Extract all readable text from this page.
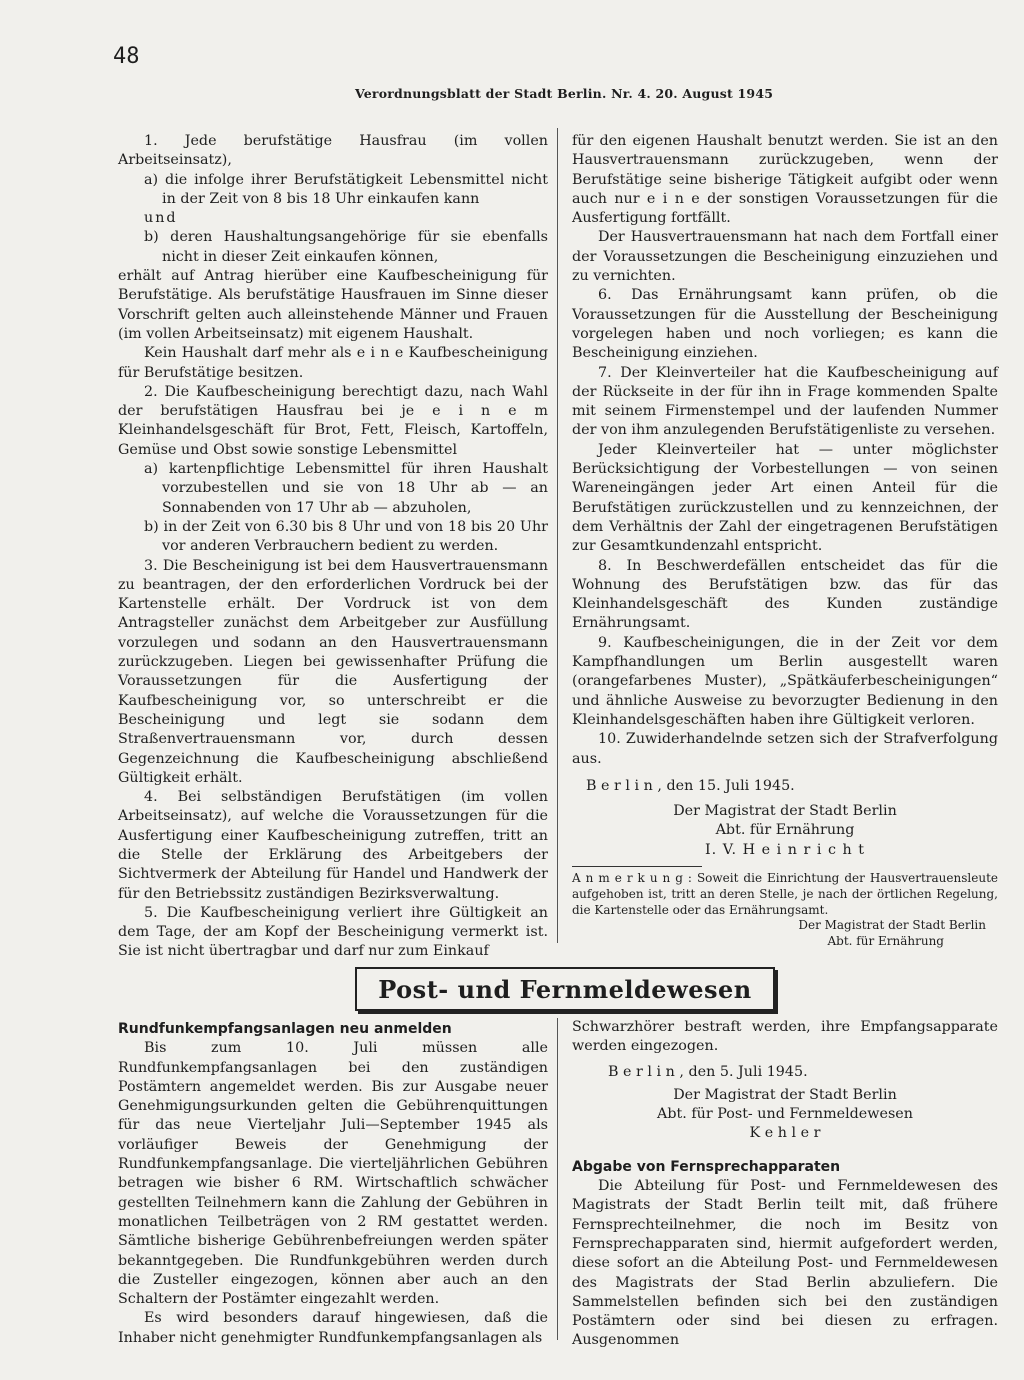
48
Verordnungsblatt der Stadt Berlin. Nr. 4. 20. August 1945

1. Jede berufstätige Hausfrau (im vollen Arbeitseinsatz),

a) die infolge ihrer Berufstätigkeit Lebensmittel nicht in der Zeit von 8 bis 18 Uhr einkaufen kann

und

b) deren Haushaltungsangehörige für sie ebenfalls nicht in dieser Zeit einkaufen können,

erhält auf Antrag hierüber eine Kaufbescheinigung für Berufstätige. Als berufstätige Hausfrauen im Sinne dieser Vorschrift gelten auch alleinstehende Männer und Frauen (im vollen Arbeitseinsatz) mit eigenem Haushalt.

Kein Haushalt darf mehr als e i n e Kaufbescheinigung für Berufstätige besitzen.

2. Die Kaufbescheinigung berechtigt dazu, nach Wahl der berufstätigen Hausfrau bei je e i n e m Kleinhandelsgeschäft für Brot, Fett, Fleisch, Kartoffeln, Gemüse und Obst sowie sonstige Lebensmittel

a) kartenpflichtige Lebensmittel für ihren Haushalt vorzubestellen und sie von 18 Uhr ab — an Sonnabenden von 17 Uhr ab — abzuholen,

b) in der Zeit von 6.30 bis 8 Uhr und von 18 bis 20 Uhr vor anderen Verbrauchern bedient zu werden.

3. Die Bescheinigung ist bei dem Hausvertrauensmann zu beantragen, der den erforderlichen Vordruck bei der Kartenstelle erhält. Der Vordruck ist von dem Antragsteller zunächst dem Arbeitgeber zur Ausfüllung vorzulegen und sodann an den Hausvertrauensmann zurückzugeben. Liegen bei gewissenhafter Prüfung die Voraussetzungen für die Ausfertigung der Kaufbescheinigung vor, so unterschreibt er die Bescheinigung und legt sie sodann dem Straßenvertrauensmann vor, durch dessen Gegenzeichnung die Kaufbescheinigung abschließend Gültigkeit erhält.

4. Bei selbständigen Berufstätigen (im vollen Arbeitseinsatz), auf welche die Voraussetzungen für die Ausfertigung einer Kaufbescheinigung zutreffen, tritt an die Stelle der Erklärung des Arbeitgebers der Sichtvermerk der Abteilung für Handel und Handwerk der für den Betriebssitz zuständigen Bezirksverwaltung.

5. Die Kaufbescheinigung verliert ihre Gültigkeit an dem Tage, der am Kopf der Bescheinigung vermerkt ist. Sie ist nicht übertragbar und darf nur zum Einkauf

für den eigenen Haushalt benutzt werden. Sie ist an den Hausvertrauensmann zurückzugeben, wenn der Berufstätige seine bisherige Tätigkeit aufgibt oder wenn auch nur e i n e der sonstigen Voraussetzungen für die Ausfertigung fortfällt.

Der Hausvertrauensmann hat nach dem Fortfall einer der Voraussetzungen die Bescheinigung einzuziehen und zu vernichten.

6. Das Ernährungsamt kann prüfen, ob die Voraussetzungen für die Ausstellung der Bescheinigung vorgelegen haben und noch vorliegen; es kann die Bescheinigung einziehen.

7. Der Kleinverteiler hat die Kaufbescheinigung auf der Rückseite in der für ihn in Frage kommenden Spalte mit seinem Firmenstempel und der laufenden Nummer der von ihm anzulegenden Berufstätigenliste zu versehen.

Jeder Kleinverteiler hat — unter möglichster Berücksichtigung der Vorbestellungen — von seinen Wareneingängen jeder Art einen Anteil für die Berufstätigen zurückzustellen und zu kennzeichnen, der dem Verhältnis der Zahl der eingetragenen Berufstätigen zur Gesamtkundenzahl entspricht.

8. In Beschwerdefällen entscheidet das für die Wohnung des Berufstätigen bzw. das für das Kleinhandelsgeschäft des Kunden zuständige Ernährungsamt.

9. Kaufbescheinigungen, die in der Zeit vor dem Kampfhandlungen um Berlin ausgestellt waren (orangefarbenes Muster), „Spätkäuferbescheinigungen“ und ähnliche Ausweise zu bevorzugter Bedienung in den Kleinhandelsgeschäften haben ihre Gültigkeit verloren.

10. Zuwiderhandelnde setzen sich der Strafverfolgung aus.

B e r l i n , den 15. Juli 1945.

Der Magistrat der Stadt Berlin

Abt. für Ernährung

I. V. H e i n r i c h t

A n m e r k u n g : Soweit die Einrichtung der Hausvertrauensleute aufgehoben ist, tritt an deren Stelle, je nach der örtlichen Regelung, die Kartenstelle oder das Ernährungsamt.

Der Magistrat der Stadt Berlin

Abt. für Ernährung

Post- und Fernmeldewesen

Rundfunkempfangsanlagen neu anmelden

Bis zum 10. Juli müssen alle Rundfunkempfangsanlagen bei den zuständigen Postämtern angemeldet werden. Bis zur Ausgabe neuer Genehmigungsurkunden gelten die Gebührenquittungen für das neue Vierteljahr Juli—September 1945 als vorläufiger Beweis der Genehmigung der Rundfunkempfangsanlage. Die vierteljährlichen Gebühren betragen wie bisher 6 RM. Wirtschaftlich schwächer gestellten Teilnehmern kann die Zahlung der Gebühren in monatlichen Teilbeträgen von 2 RM gestattet werden. Sämtliche bisherige Gebührenbefreiungen werden später bekanntgegeben. Die Rundfunkgebühren werden durch die Zusteller eingezogen, können aber auch an den Schaltern der Postämter eingezahlt werden.

Es wird besonders darauf hingewiesen, daß die Inhaber nicht genehmigter Rundfunkempfangsanlagen als

Schwarzhörer bestraft werden, ihre Empfangsapparate werden eingezogen.

B e r l i n , den 5. Juli 1945.

Der Magistrat der Stadt Berlin

Abt. für Post- und Fernmeldewesen

K e h l e r

Abgabe von Fernsprechapparaten

Die Abteilung für Post- und Fernmeldewesen des Magistrats der Stadt Berlin teilt mit, daß frühere Fernsprechteilnehmer, die noch im Besitz von Fernsprechapparaten sind, hiermit aufgefordert werden, diese sofort an die Abteilung Post- und Fernmeldewesen des Magistrats der Stad Berlin abzuliefern. Die Sammelstellen befinden sich bei den zuständigen Postämtern oder sind bei diesen zu erfragen. Ausgenommen
